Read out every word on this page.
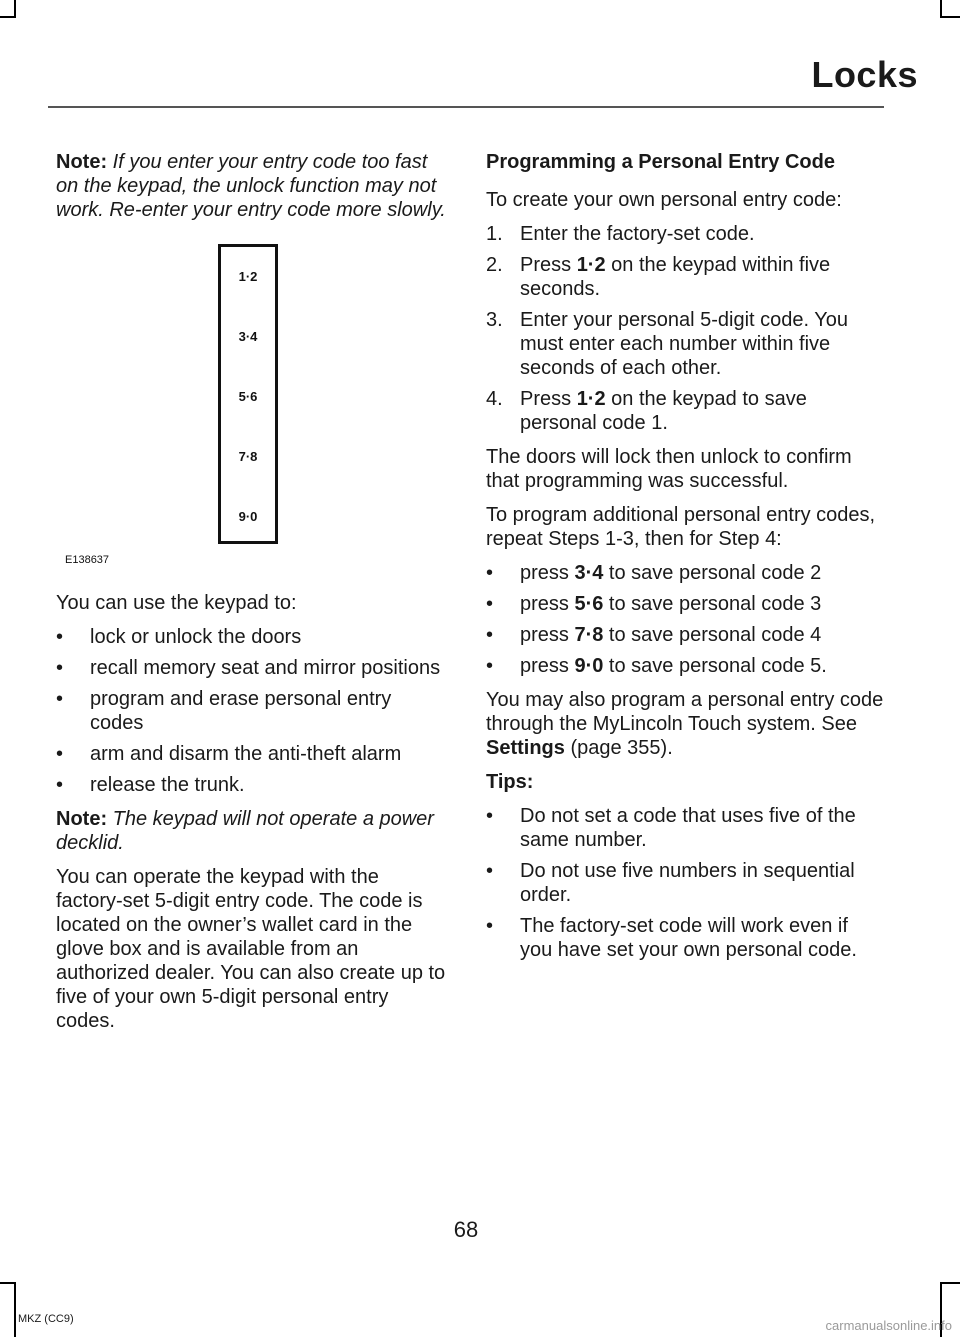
Locks

Note: If you enter your entry code too fast on the keypad, the unlock function may not work. Re-enter your entry code more slowly.

1·2
3·4
5·6
7·8
9·0
E138637

You can use the keypad to:

• lock or unlock the doors
• recall memory seat and mirror positions
• program and erase personal entry codes
• arm and disarm the anti-theft alarm
• release the trunk.

Note: The keypad will not operate a power decklid.

You can operate the keypad with the factory-set 5-digit entry code. The code is located on the owner’s wallet card in the glove box and is available from an authorized dealer. You can also create up to five of your own 5-digit personal entry codes.

Programming a Personal Entry Code

To create your own personal entry code:

1. Enter the factory-set code.
2. Press 1·2 on the keypad within five seconds.
3. Enter your personal 5-digit code. You must enter each number within five seconds of each other.
4. Press 1·2 on the keypad to save personal code 1.

The doors will lock then unlock to confirm that programming was successful.

To program additional personal entry codes, repeat Steps 1-3, then for Step 4:

• press 3·4 to save personal code 2
• press 5·6 to save personal code 3
• press 7·8 to save personal code 4
• press 9·0 to save personal code 5.

You may also program a personal entry code through the MyLincoln Touch system. See Settings (page 355).

Tips:

• Do not set a code that uses five of the same number.
• Do not use five numbers in sequential order.
• The factory-set code will work even if you have set your own personal code.
68
MKZ (CC9)	carmanualsonline.info
